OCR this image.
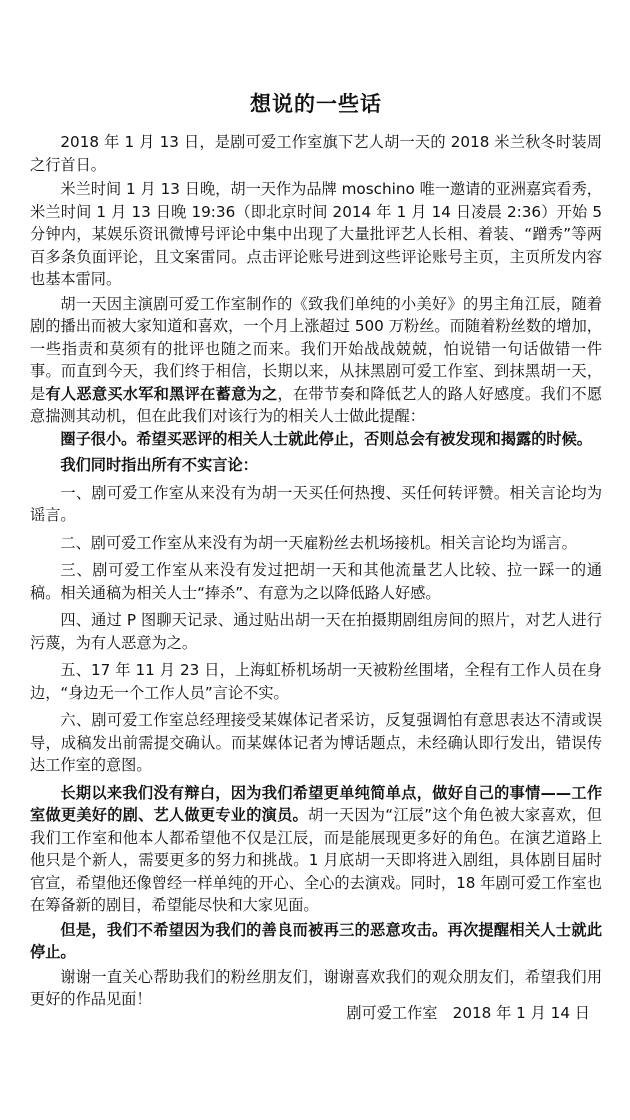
想说的一些话

2018 年 1 月 13 日，是剧可爱工作室旗下艺人胡一天的 2018 米兰秋冬时装周之行首日。

米兰时间 1 月 13 日晚，胡一天作为品牌 moschino 唯一邀请的亚洲嘉宾看秀，米兰时间 1 月 13 日晚 19:36（即北京时间 2014 年 1 月 14 日凌晨 2:36）开始 5 分钟内，某娱乐资讯微博号评论中集中出现了大量批评艺人长相、着装、“蹭秀”等两百多条负面评论，且文案雷同。点击评论账号进到这些评论账号主页，主页所发内容也基本雷同。

胡一天因主演剧可爱工作室制作的《致我们单纯的小美好》的男主角江辰，随着剧的播出而被大家知道和喜欢，一个月上涨超过 500 万粉丝。而随着粉丝数的增加，一些指责和莫须有的批评也随之而来。我们开始战战兢兢，怕说错一句话做错一件事。而直到今天，我们终于相信，长期以来，从抹黑剧可爱工作室、到抹黑胡一天，是有人恶意买水军和黑评在蓄意为之，在带节奏和降低艺人的路人好感度。我们不愿意揣测其动机，但在此我们对该行为的相关人士做此提醒：

圈子很小。希望买恶评的相关人士就此停止，否则总会有被发现和揭露的时候。

我们同时指出所有不实言论：

一、剧可爱工作室从来没有为胡一天买任何热搜、买任何转评赞。相关言论均为谣言。

二、剧可爱工作室从来没有为胡一天雇粉丝去机场接机。相关言论均为谣言。

三、剧可爱工作室从来没有发过把胡一天和其他流量艺人比较、拉一踩一的通稿。相关通稿为相关人士“捧杀”、有意为之以降低路人好感。

四、通过 P 图聊天记录、通过贴出胡一天在拍摄期剧组房间的照片，对艺人进行污蔑，为有人恶意为之。

五、17 年 11 月 23 日，上海虹桥机场胡一天被粉丝围堵，全程有工作人员在身边，“身边无一个工作人员”言论不实。

六、剧可爱工作室总经理接受某媒体记者采访，反复强调怕有意思表达不清或误导，成稿发出前需提交确认。而某媒体记者为博话题点，未经确认即行发出，错误传达工作室的意图。

长期以来我们没有辩白，因为我们希望更单纯简单点，做好自己的事情——工作室做更美好的剧、艺人做更专业的演员。胡一天因为“江辰”这个角色被大家喜欢，但我们工作室和他本人都希望他不仅是江辰，而是能展现更多好的角色。在演艺道路上他只是个新人，需要更多的努力和挑战。1 月底胡一天即将进入剧组，具体剧目届时官宣，希望他还像曾经一样单纯的开心、全心的去演戏。同时，18 年剧可爱工作室也在筹备新的剧目，希望能尽快和大家见面。

但是，我们不希望因为我们的善良而被再三的恶意攻击。再次提醒相关人士就此停止。

谢谢一直关心帮助我们的粉丝朋友们，谢谢喜欢我们的观众朋友们，希望我们用更好的作品见面！

剧可爱工作室　2018 年 1 月 14 日
